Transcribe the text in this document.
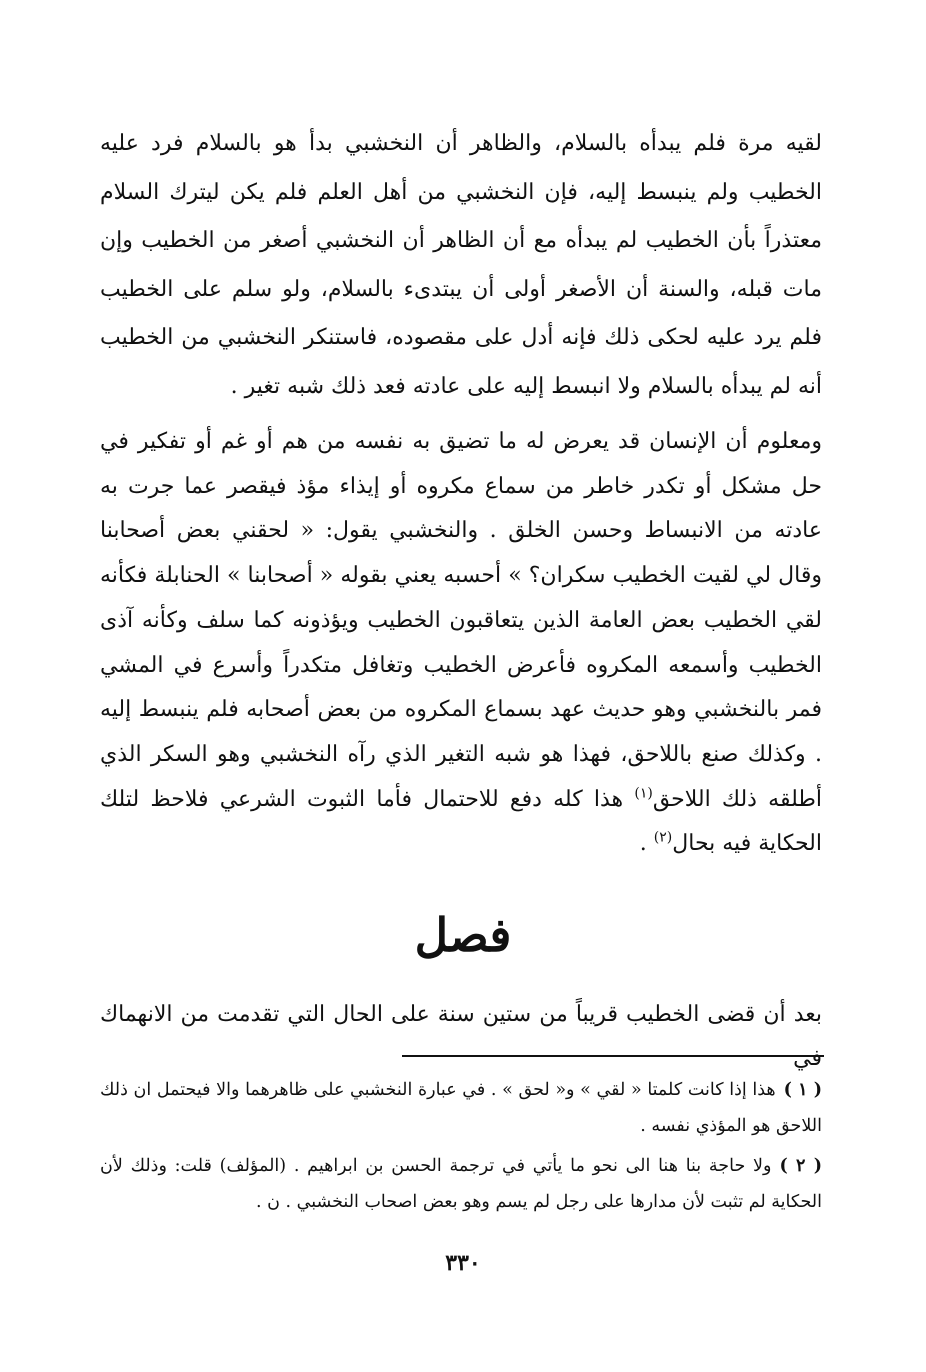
لقيه مرة فلم يبدأه بالسلام، والظاهر أن النخشبي بدأ هو بالسلام فرد عليه الخطيب ولم ينبسط إليه، فإن النخشبي من أهل العلم فلم يكن ليترك السلام معتذراً بأن الخطيب لم يبدأه مع أن الظاهر أن النخشبي أصغر من الخطيب وإن مات قبله، والسنة أن الأصغر أولى أن يبتدىء بالسلام، ولو سلم على الخطيب فلم يرد عليه لحكى ذلك فإنه أدل على مقصوده، فاستنكر النخشبي من الخطيب أنه لم يبدأه بالسلام ولا انبسط إليه على عادته فعد ذلك شبه تغير .

ومعلوم أن الإنسان قد يعرض له ما تضيق به نفسه من هم أو غم أو تفكير في حل مشكل أو تكدر خاطر من سماع مكروه أو إيذاء مؤذ فيقصر عما جرت به عادته من الانبساط وحسن الخلق . والنخشبي يقول: « لحقني بعض أصحابنا وقال لي لقيت الخطيب سكران؟ » أحسبه يعني بقوله « أصحابنا » الحنابلة فكأنه لقي الخطيب بعض العامة الذين يتعاقبون الخطيب ويؤذونه كما سلف وكأنه آذى الخطيب وأسمعه المكروه فأعرض الخطيب وتغافل متكدراً وأسرع في المشي فمر بالنخشبي وهو حديث عهد بسماع المكروه من بعض أصحابه فلم ينبسط إليه . وكذلك صنع باللاحق، فهذا هو شبه التغير الذي رآه النخشبي وهو السكر الذي أطلقه ذلك اللاحق$^{(١)}$ هذا كله دفع للاحتمال فأما الثبوت الشرعي فلاحظ لتلك الحكاية فيه بحال$^{(٢)}$ .

فصل

بعد أن قضى الخطيب قريباً من ستين سنة على الحال التي تقدمت من الانهماك في

( ١ )هذا إذا كانت كلمتا « لقي » و« لحق » . في عبارة النخشبي على ظاهرهما والا فيحتمل ان ذلك اللاحق هو المؤذي نفسه .

( ٢ )ولا حاجة بنا هنا الى نحو ما يأتي في ترجمة الحسن بن ابراهيم . (المؤلف) قلت: وذلك لأن الحكاية لم تثبت لأن مدارها على رجل لم يسم وهو بعض اصحاب النخشبي . ن .

٣٣٠
